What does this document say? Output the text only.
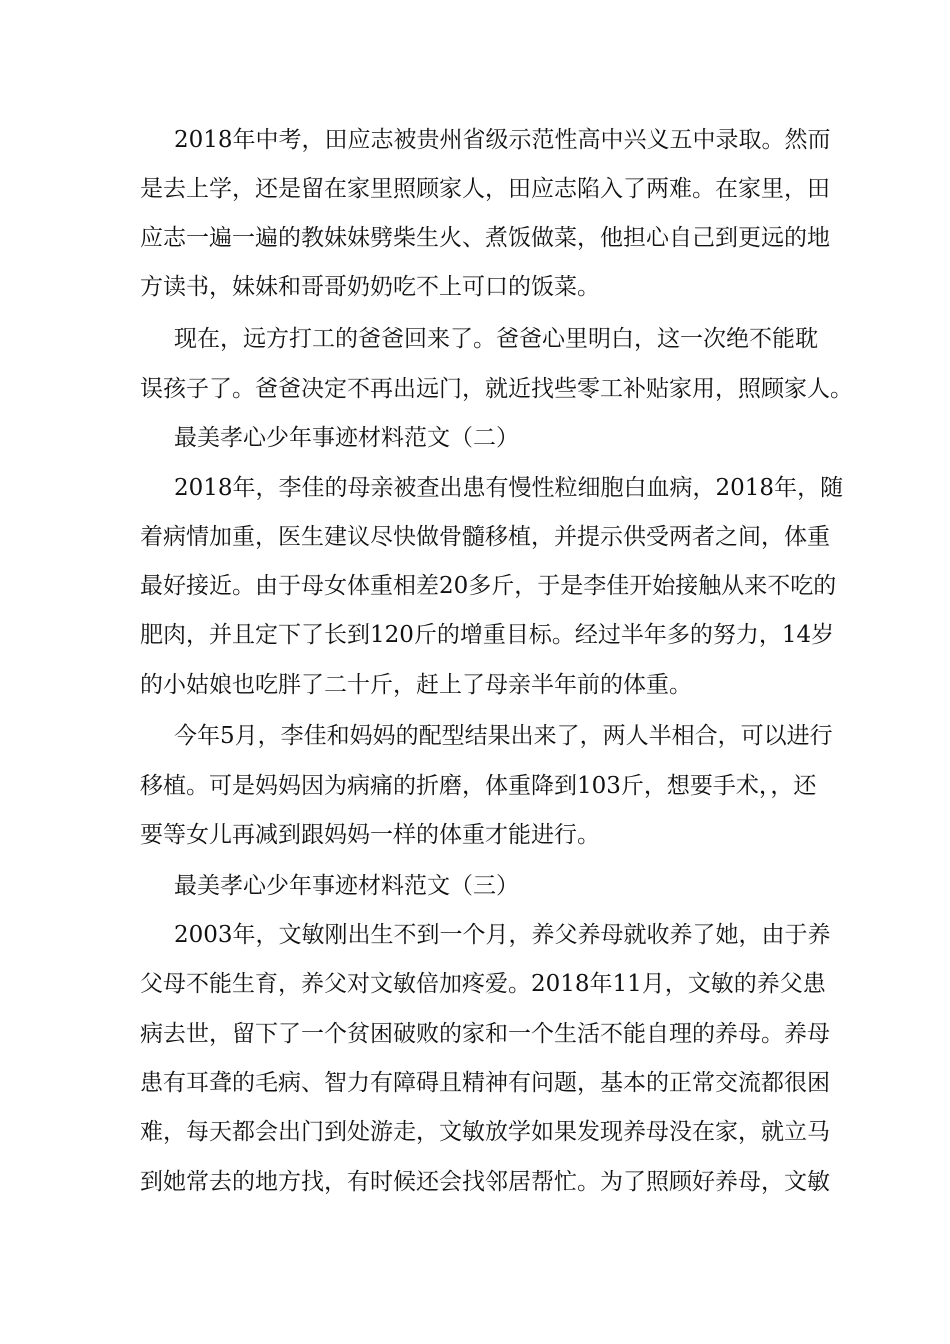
2018年中考，田应志被贵州省级示范性高中兴义五中录取。然而
是去上学，还是留在家里照顾家人，田应志陷入了两难。在家里，田
应志一遍一遍的教妹妹劈柴生火、煮饭做菜，他担心自己到更远的地
方读书，妹妹和哥哥奶奶吃不上可口的饭菜。
现在，远方打工的爸爸回来了。爸爸心里明白，这一次绝不能耽
误孩子了。爸爸决定不再出远门，就近找些零工补贴家用，照顾家人。
最美孝心少年事迹材料范文（二）
2018年，李佳的母亲被查出患有慢性粒细胞白血病，2018年，随
着病情加重，医生建议尽快做骨髓移植，并提示供受两者之间，体重
最好接近。由于母女体重相差20多斤，于是李佳开始接触从来不吃的
肥肉，并且定下了长到120斤的增重目标。经过半年多的努力，14岁
的小姑娘也吃胖了二十斤，赶上了母亲半年前的体重。
今年5月，李佳和妈妈的配型结果出来了，两人半相合，可以进行
移植。可是妈妈因为病痛的折磨，体重降到103斤，想要手术，，还
要等女儿再减到跟妈妈一样的体重才能进行。
最美孝心少年事迹材料范文（三）
2003年，文敏刚出生不到一个月，养父养母就收养了她，由于养
父母不能生育，养父对文敏倍加疼爱。2018年11月，文敏的养父患
病去世，留下了一个贫困破败的家和一个生活不能自理的养母。养母
患有耳聋的毛病、智力有障碍且精神有问题，基本的正常交流都很困
难，每天都会出门到处游走，文敏放学如果发现养母没在家，就立马
到她常去的地方找，有时候还会找邻居帮忙。为了照顾好养母，文敏
